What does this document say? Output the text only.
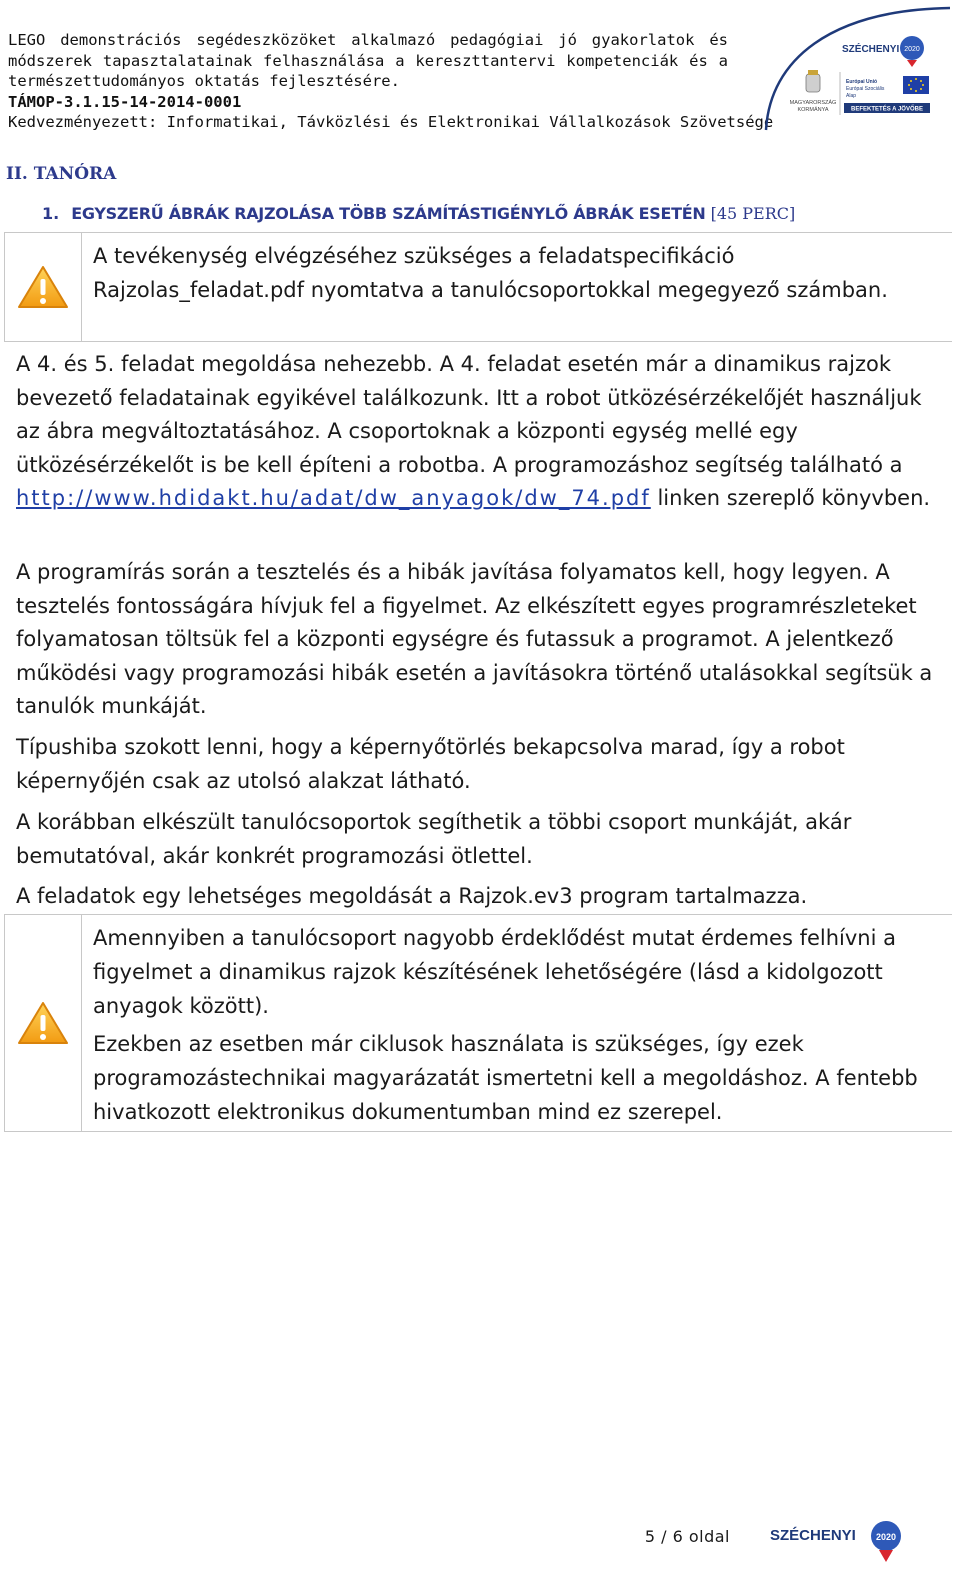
LEGO demonstrációs segédeszközöket alkalmazó pedagógiai jó gyakorlatok és
módszerek tapasztalatainak felhasználása a kereszttantervi kompetenciák és a
természettudományos oktatás fejlesztésére.
TÁMOP-3.1.15-14-2014-0001
Kedvezményezett: Informatikai, Távközlési és Elektronikai Vállalkozások Szövetsége
SZÉCHENYI 2020
MAGYARORSZÁG
KORMÁNYA
Európai Unió
Európai Szociális
Alap
BEFEKTETÉS A JÖVŐBE
II. TANÓRA
1. EGYSZERŰ ÁBRÁK RAJZOLÁSA TÖBB SZÁMÍTÁSTIGÉNYLŐ ÁBRÁK ESETÉN [45 PERC]

A tevékenység elvégzéséhez szükséges a feladatspecifikáció Rajzolas_feladat.pdf nyomtatva a tanulócsoportokkal megegyező számban.

A 4. és 5. feladat megoldása nehezebb. A 4. feladat esetén már a dinamikus rajzok bevezető feladatainak egyikével találkozunk. Itt a robot ütközésérzékelőjét használjuk az ábra megváltoztatásához. A csoportoknak a központi egység mellé egy ütközésérzékelőt is be kell építeni a robotba. A programozáshoz segítség található a http://www.hdidakt.hu/adat/dw_anyagok/dw_74.pdf linken szereplő könyvben.

A programírás során a tesztelés és a hibák javítása folyamatos kell, hogy legyen. A tesztelés fontosságára hívjuk fel a figyelmet. Az elkészített egyes programrészleteket folyamatosan töltsük fel a központi egységre és futassuk a programot. A jelentkező működési vagy programozási hibák esetén a javításokra történő utalásokkal segítsük a tanulók munkáját.

Típushiba szokott lenni, hogy a képernyőtörlés bekapcsolva marad, így a robot képernyőjén csak az utolsó alakzat látható.

A korábban elkészült tanulócsoportok segíthetik a többi csoport munkáját, akár bemutatóval, akár konkrét programozási ötlettel.

A feladatok egy lehetséges megoldását a Rajzok.ev3 program tartalmazza.

Amennyiben a tanulócsoport nagyobb érdeklődést mutat érdemes felhívni a figyelmet a dinamikus rajzok készítésének lehetőségére (lásd a kidolgozott anyagok között).

Ezekben az esetben már ciklusok használata is szükséges, így ezek programozástechnikai magyarázatát ismertetni kell a megoldáshoz. A fentebb hivatkozott elektronikus dokumentumban mind ez szerepel.

5 / 6 oldal	SZÉCHENYI 2020
